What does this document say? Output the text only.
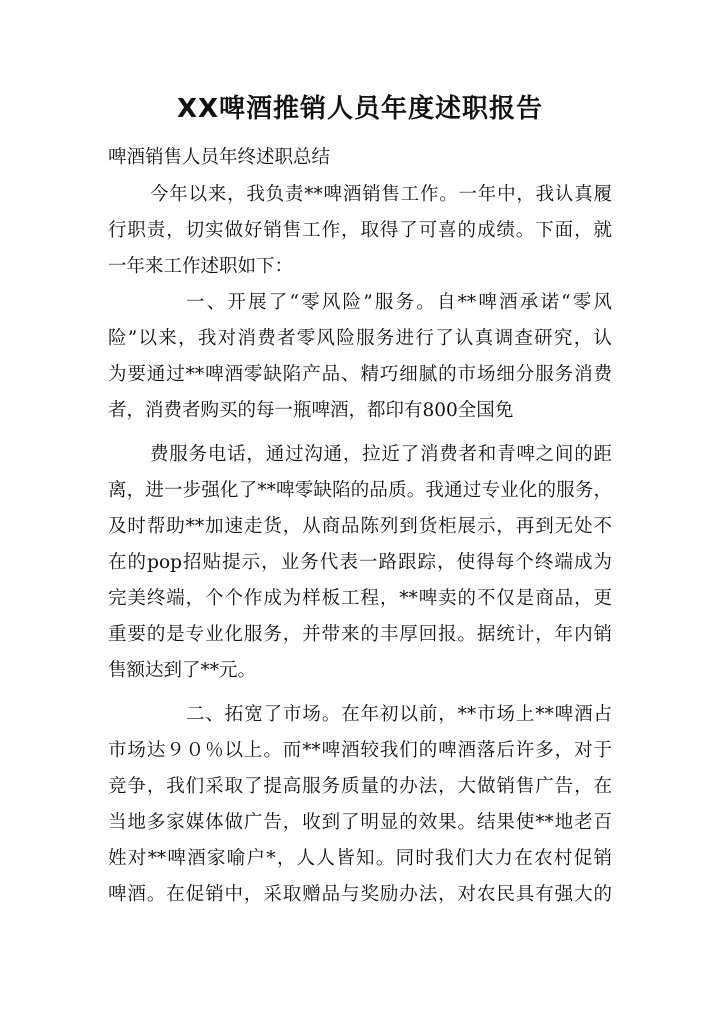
XX啤酒推销人员年度述职报告
啤酒销售人员年终述职总结
今年以来，我负责**啤酒销售工作。一年中，我认真履
行职责，切实做好销售工作，取得了可喜的成绩。下面，就
一年来工作述职如下：
一、开展了“零风险”服务。自**啤酒承诺“零风
险”以来，我对消费者零风险服务进行了认真调查研究，认
为要通过**啤酒零缺陷产品、精巧细腻的市场细分服务消费
者，消费者购买的每一瓶啤酒，都印有800全国免
费服务电话，通过沟通，拉近了消费者和青啤之间的距
离，进一步强化了**啤零缺陷的品质。我通过专业化的服务，
及时帮助**加速走货，从商品陈列到货柜展示，再到无处不
在的pop招贴提示，业务代表一路跟踪，使得每个终端成为
完美终端，个个作成为样板工程，**啤卖的不仅是商品，更
重要的是专业化服务，并带来的丰厚回报。据统计，年内销
售额达到了**元。
二、拓宽了市场。在年初以前，**市场上**啤酒占
市场达９０％以上。而**啤酒较我们的啤酒落后许多，对于
竞争，我们采取了提高服务质量的办法，大做销售广告，在
当地多家媒体做广告，收到了明显的效果。结果使**地老百
姓对**啤酒家喻户*，人人皆知。同时我们大力在农村促销
啤酒。在促销中，采取赠品与奖励办法，对农民具有强大的
